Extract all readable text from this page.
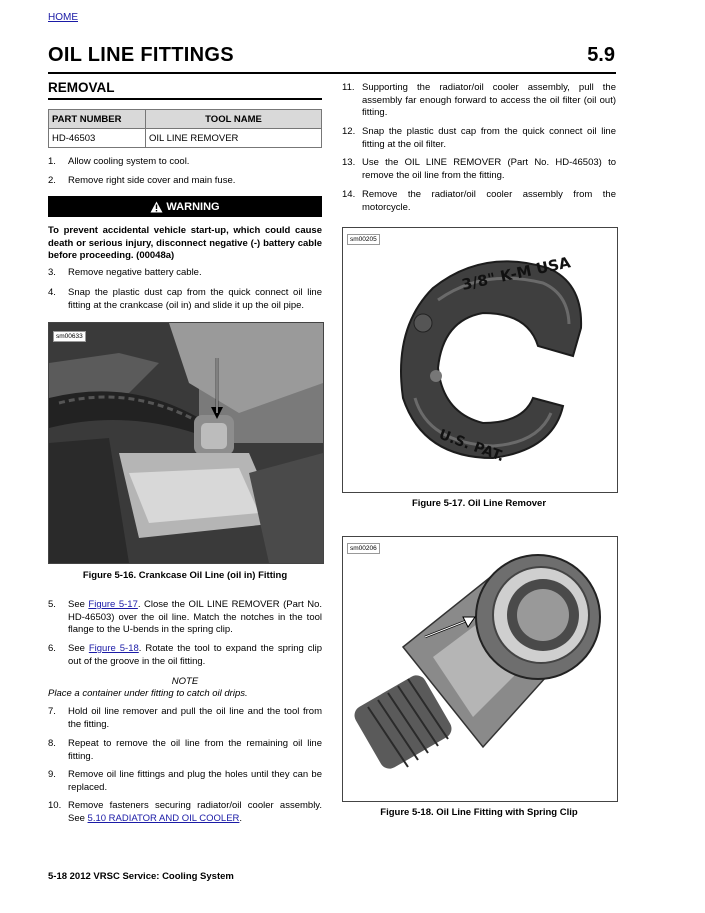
HOME
OIL LINE FITTINGS	5.9
REMOVAL
PART NUMBER	TOOL NAME
HD-46503	OIL LINE REMOVER
1. Allow cooling system to cool.
2. Remove right side cover and main fuse.
WARNING
To prevent accidental vehicle start-up, which could cause death or serious injury, disconnect negative (-) battery cable before proceeding. (00048a)
3. Remove negative battery cable.
4. Snap the plastic dust cap from the quick connect oil line fitting at the crankcase (oil in) and slide it up the oil pipe.
sm00633
Figure 5-16. Crankcase Oil Line (oil in) Fitting
5. See Figure 5-17. Close the OIL LINE REMOVER (Part No. HD-46503) over the oil line. Match the notches in the tool flange to the U-bends in the spring clip.
6. See Figure 5-18. Rotate the tool to expand the spring clip out of the groove in the oil fitting.
NOTE
Place a container under fitting to catch oil drips.
7. Hold oil line remover and pull the oil line and the tool from the fitting.
8. Repeat to remove the oil line from the remaining oil line fitting.
9. Remove oil line fittings and plug the holes until they can be replaced.
10. Remove fasteners securing radiator/oil cooler assembly. See 5.10 RADIATOR AND OIL COOLER.
11. Supporting the radiator/oil cooler assembly, pull the assembly far enough forward to access the oil filter (oil out) fitting.
12. Snap the plastic dust cap from the quick connect oil line fitting at the oil filter.
13. Use the OIL LINE REMOVER (Part No. HD-46503) to remove the oil line from the fitting.
14. Remove the radiator/oil cooler assembly from the motorcycle.
3/8" K-M USA
U.S. PAT.
sm00205
Figure 5-17. Oil Line Remover
sm00206
Figure 5-18. Oil Line Fitting with Spring Clip
5-18 2012 VRSC Service: Cooling System
